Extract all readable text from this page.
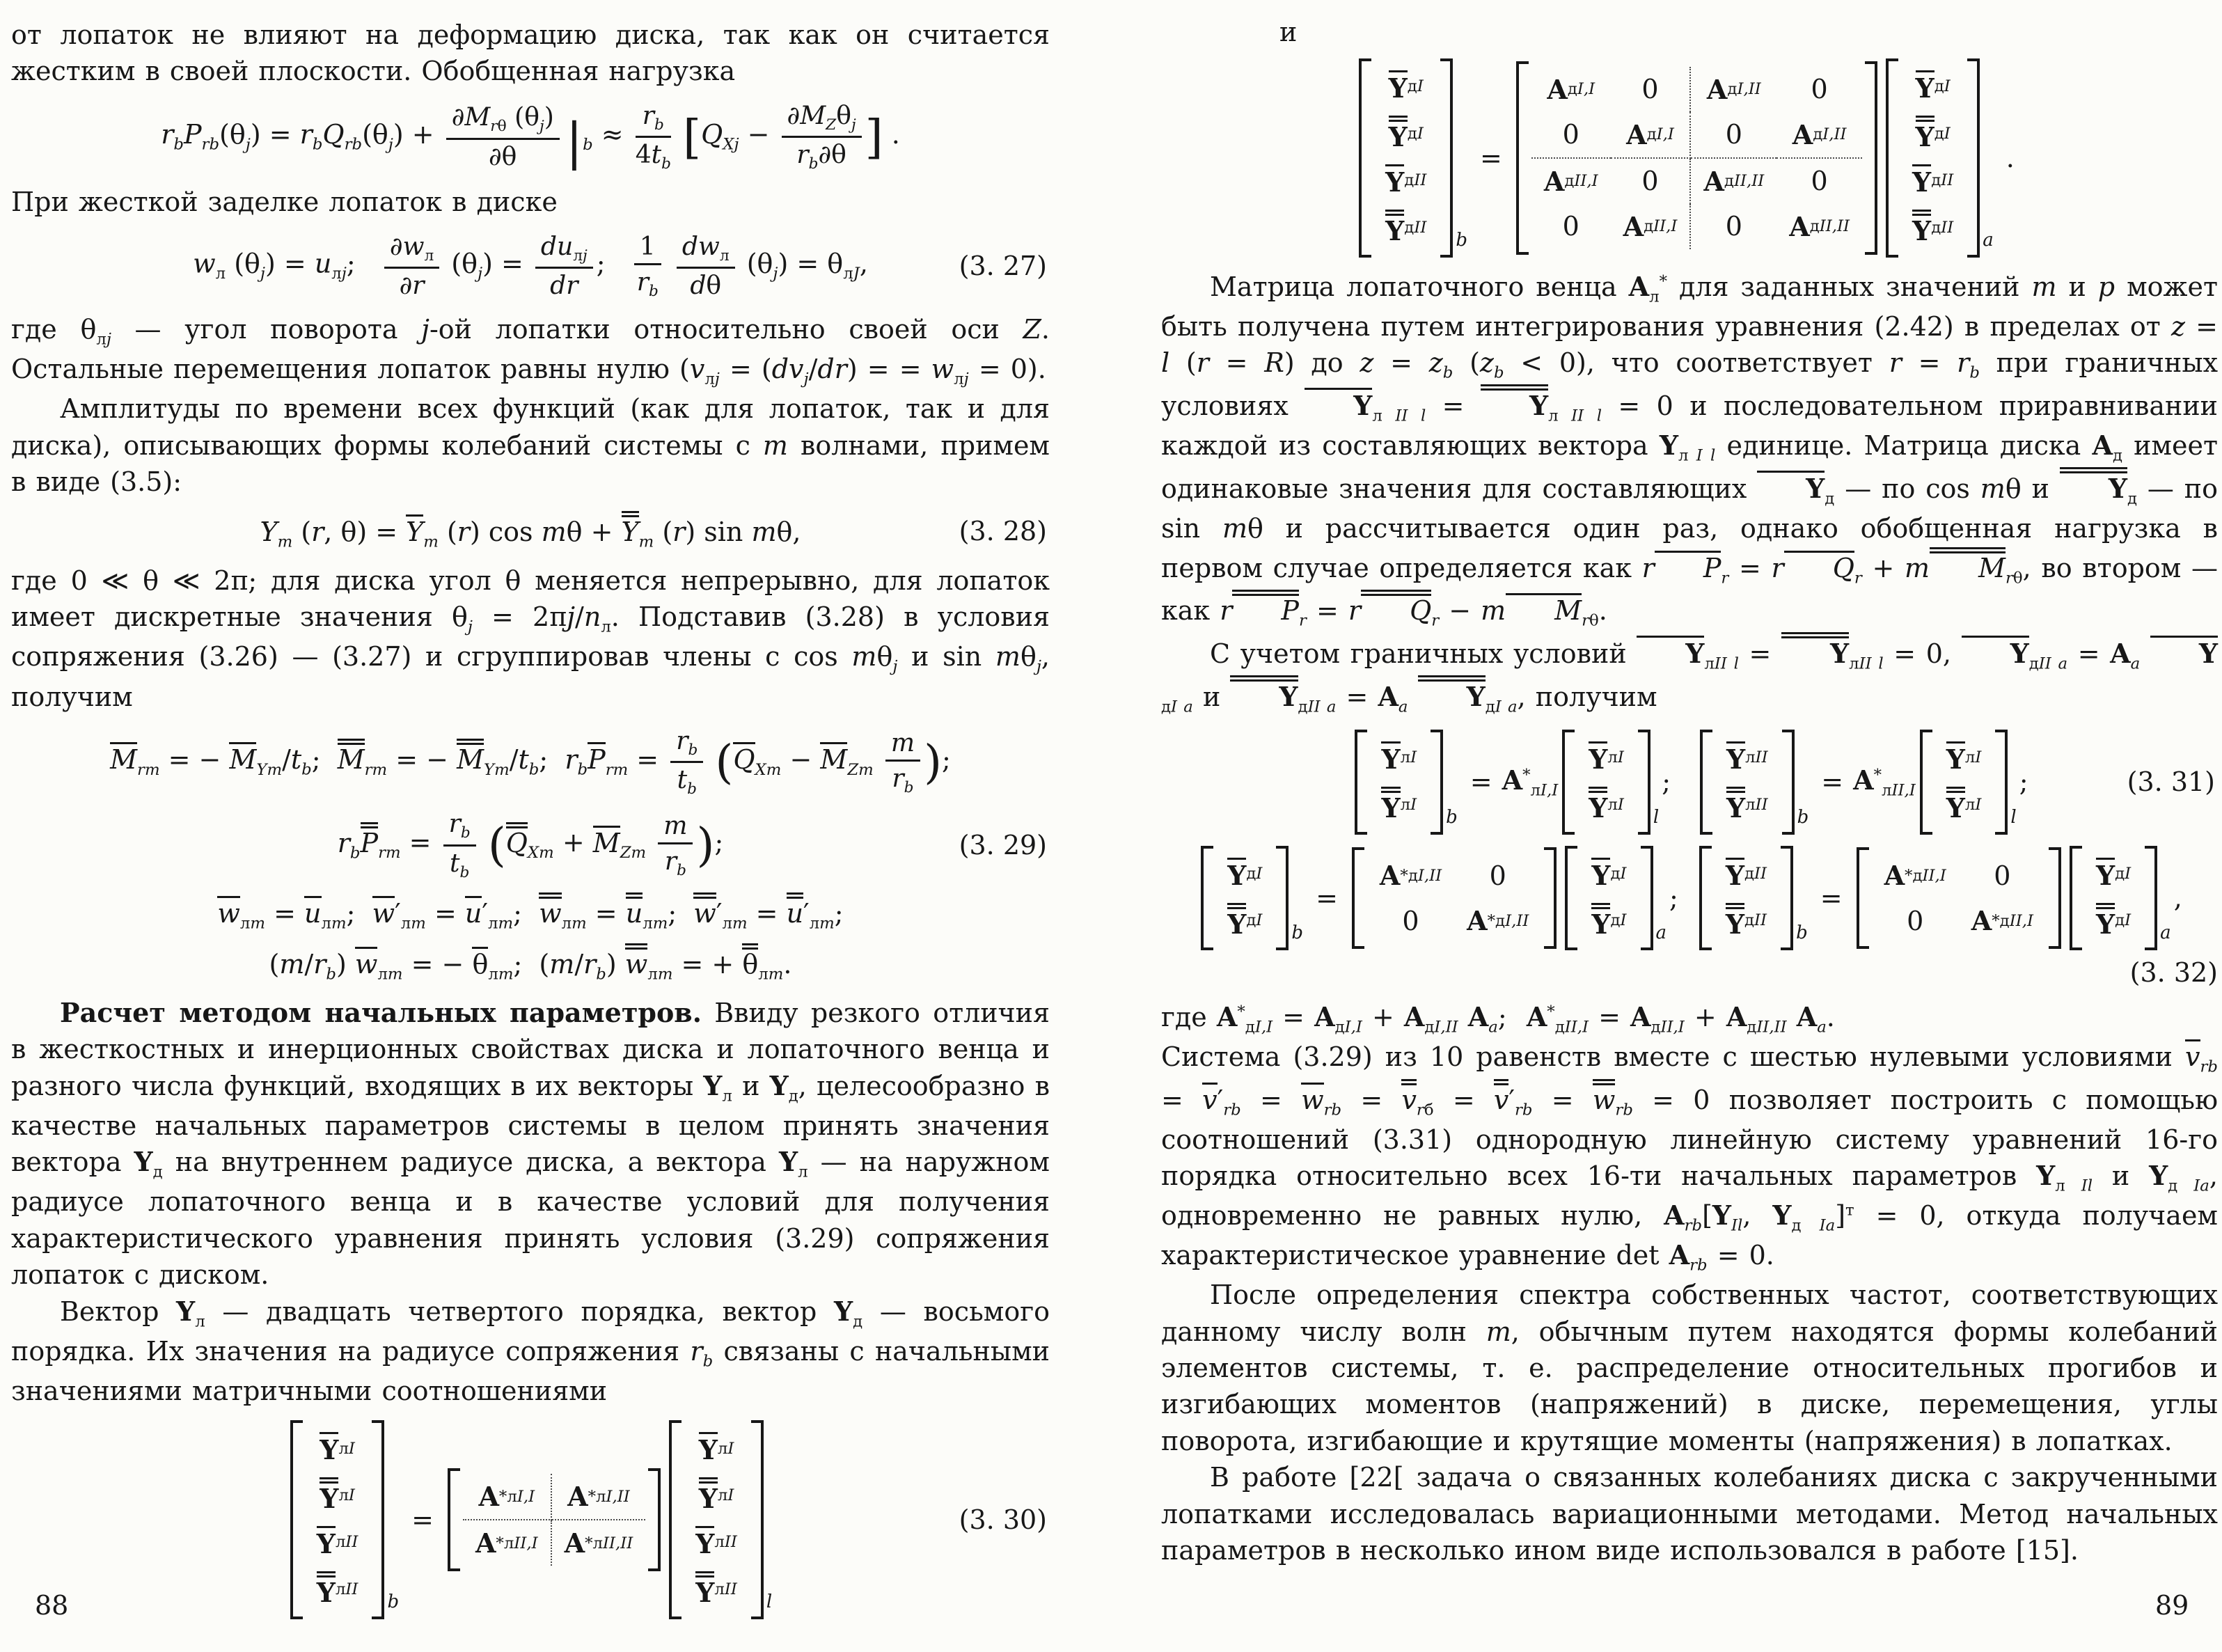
от лопаток не влияют на деформацию диска, так как он считается жестким в своей плоскости. Обобщенная нагрузка

$r_bP_{rb}(\theta_j) = r_bQ_{rb}(\theta_j)$ +
$\partial M_{r\theta}$ $(\theta_j)$
∂θ $|_b \approx \frac{r_b}{4t_b} [Q_{Xj}$ −
$\partial M_Z\theta_j$
$r_b\partial\theta$ ] .

При жесткой заделке лопаток в диске

$w_л$ $(\theta_j) = u_{лj}$;
$\partial w_л$
∂r
$(\theta_j)$ =
$du_{лj}$
dr
; $\frac{1}{r_b}$
$dw_л$
dθ
$(\theta_j) = \theta_{лJ}$,	(3. 27)

где $\theta_{лj}$ — угол поворота j-ой лопатки относительно своей оси Z. Остальные перемещения лопаток равны нулю ($v_{лj} = (dv_j/dr)$ = = $w_{лj} = 0$).

Амплитуды по времени всех функций (как для лопаток, так и для диска), описывающих формы колебаний системы с m волнами, примем в виде (3.5):

$Y_m$ (r, $\theta) = Y_m$ (r) $\cos m\theta + Y_m$ (r) sin mθ,	(3. 28)

где 0 ≪ θ ≪ 2π; для диска угол θ меняется непрерывно, для лопаток имеет дискретные значения $\theta_j = 2\pi j/n_л$. Подставив (3.28) в условия сопряжения (3.26) — (3.27) и сгруппировав члены с $\cos m\theta_j$ и $\sin m\theta_j$, получим

$M_{rm}$ = − $M_{Ym}/t_b$;  $M_{rm}$ = − $M_{Ym}/t_b$;  $r_bP_{rm} = \frac{r_b}{t_b} (Q_{Xm} - M_{Zm} \frac{m}{r_b}$ );
$r_bP_{rm} = \frac{r_b}{t_b} (Q_{Xm} + M_{Zm} \frac{m}{r_b}$ );	(3. 29)
$w_{лm} = u_{лm}$;  $w'_{лm} = u'_{лm}$;  $w_{лm} = u_{лm}$;  $w'_{лm} = u'_{лm}$;
$(m/r_b) w_{лm}$ = − $\theta_{лm}$;  $(m/r_b) w_{лm}$ = + $\theta_{лm}$.

Расчет методом начальных параметров. Ввиду резкого отличия в жесткостных и инерционных свойствах диска и лопаточного венца и разного числа функций, входящих в их векторы $Y_л$ и $Y_д$, целесообразно в качестве начальных параметров системы в целом принять значения вектора $Y_д$ на внутреннем радиусе диска, а вектора $Y_л$ — на наружном радиусе лопаточного венца и в качестве условий для получения характеристического уравнения принять условия (3.29) сопряжения лопаток с диском.

Вектор $Y_л$ — двадцать четвертого порядка, вектор $Y_д$ — восьмого порядка. Их значения на радиусе сопряжения $r_b$ связаны с начальными значениями матричными соотношениями

Y лI
Y лI
Y лII
Y лII
$_b$
=
A * лI,I A * лI,II
A * лII,I A * лII,II
Y лI
Y лI
Y лII
Y лII
$_l$
(3. 30)

и

Y дI
Y дI
Y дII
Y дII
$_b$
=
A дI,I	0	A дI,II	0
0	A дI,I	0	A дI,II
A дII,I	0	A дII,II	0
0	A дII,I	0	A дII,II
Y дI
Y дI
Y дII
Y дII
$_a$
.

Матрица лопаточного венца $A_л^*$ для заданных значений m и p может быть получена путем интегрирования уравнения (2.42) в пределах от z = l (r = R) до $z = z_b$ $(z_b < 0)$, что соответствует $r = r_b$ при граничных условиях $Y_{л II l} = Y_{л II l} = 0$ и последовательном приравнивании каждой из составляющих вектора $Y_{л I l}$ единице. Матрица диска $A_д$ имеет одинаковые значения для составляющих $Y_д$ — по cos mθ и $Y_д$ — по sin mθ и рассчитывается один раз, однако обобщенная нагрузка в первом случае определяется как r $P_r = r$ $Q_r + m$ $M_{r\theta}$, во втором — как r $P_r = r$ $Q_r - m$ $M_{r\theta}$.

С учетом граничных условий $Y_{лII l} = Y_{лII l} = 0$, $Y_{дII a} = A_a$ $Y_{дI a}$ и $Y_{дII a} = A_a$ $Y_{дI a}$, получим

Y лI
Y лI
$_b$
= $A^*_{лI,I}$
Y лI
Y лI
$_l$
;
Y лII
Y лII
$_b$
= $A^*_{лII,I}$
Y лI
Y лI
$_l$
;	(3. 31)
Y дI
Y дI
$_b$
=
A * дI,II	0
0	A * дI,II
Y дI
Y дI
$_a$
;
Y дII
Y дII
$_b$
=
A * дII,I	0
0	A * дII,I
Y дI
Y дI
$_a$
,
(3. 32)

где $A^*_{дI,I} = A_{дI,I} + A_{дI,II}$ $A_a$;  $A^*_{дII,I} = A_{дII,I} + A_{дII,II}$ $A_a$.

Система (3.29) из 10 равенств вместе с шестью нулевыми условиями $v_{rb} = v'_{rb} = w_{rb} = v_{rб} = v'_{rb} = w_{rb} = 0$ позволяет построить с помощью соотношений (3.31) однородную линейную систему уравнений 16-го порядка относительно всех 16-ти начальных параметров $Y_{л Il}$ и $Y_{д Ia}$, одновременно не равных нулю, $A_{rb}[Y_{Il}$, $Y_{д Ia}]^т = 0$, откуда получаем характеристическое уравнение $\det A_{rb} = 0$.

После определения спектра собственных частот, соответствующих данному числу волн m, обычным путем находятся формы колебаний элементов системы, т. е. распределение относительных прогибов и изгибающих моментов (напряжений) в диске, перемещения, углы поворота, изгибающие и крутящие моменты (напряжения) в лопатках.

В работе [22[ задача о связанных колебаниях диска с закрученными лопатками исследовалась вариационными методами. Метод начальных параметров в несколько ином виде использовался в работе [15].

88	89
